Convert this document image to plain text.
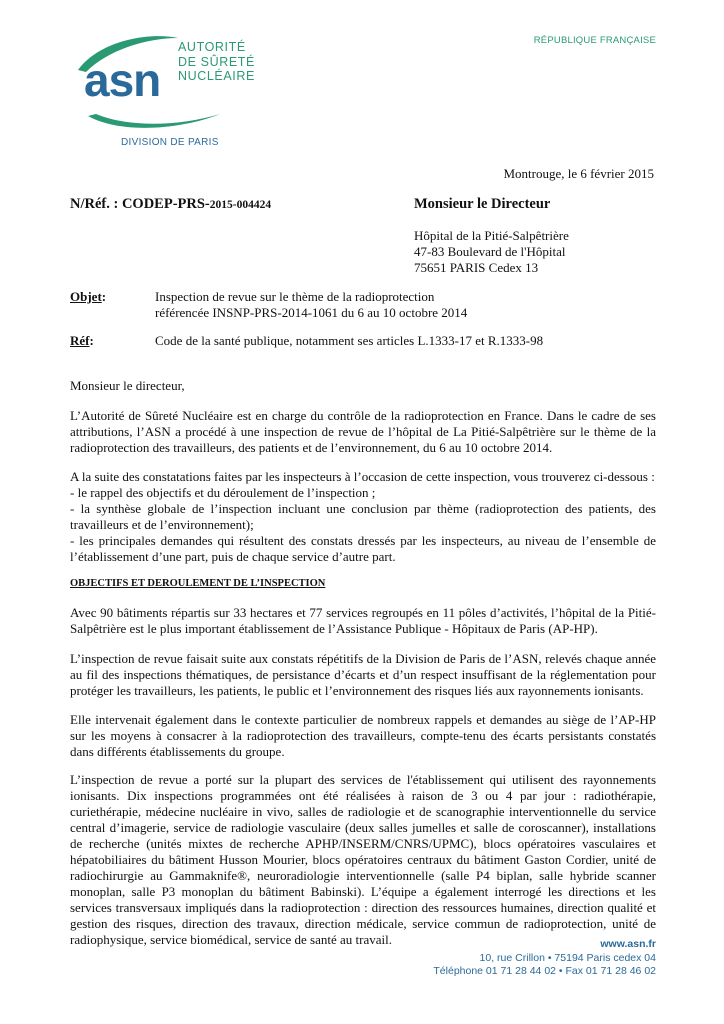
RÉPUBLIQUE FRANÇAISE
asn
AUTORITÉ
DE SÛRETÉ
NUCLÉAIRE
DIVISION DE PARIS
Montrouge, le 6 février 2015
N/Réf. : CODEP-PRS-2015-004424	Monsieur le Directeur
Hôpital de la Pitié-Salpêtrière
47-83 Boulevard de l'Hôpital
75651 PARIS Cedex 13
Objet:	Inspection de revue sur le thème de la radioprotection
référencée INSNP-PRS-2014-1061 du 6 au 10 octobre 2014
Réf:	Code de la santé publique, notamment ses articles L.1333-17 et R.1333-98
Monsieur le directeur,

L’Autorité de Sûreté Nucléaire est en charge du contrôle de la radioprotection en France. Dans le cadre de ses attributions, l’ASN a procédé à une inspection de revue de l’hôpital de La Pitié-Salpêtrière sur le thème de la radioprotection des travailleurs, des patients et de l’environnement, du 6 au 10 octobre 2014.

A la suite des constatations faites par les inspecteurs à l’occasion de cette inspection, vous trouverez ci-dessous :

- le rappel des objectifs et du déroulement de l’inspection ;

- la synthèse globale de l’inspection incluant une conclusion par thème (radioprotection des patients, des travailleurs et de l’environnement);

- les principales demandes qui résultent des constats dressés par les inspecteurs, au niveau de l’ensemble de l’établissement d’une part, puis de chaque service d’autre part.

OBJECTIFS ET DEROULEMENT DE L’INSPECTION

Avec 90 bâtiments répartis sur 33 hectares et 77 services regroupés en 11 pôles d’activités, l’hôpital de la Pitié-Salpêtrière est le plus important établissement de l’Assistance Publique - Hôpitaux de Paris (AP-HP).

L’inspection de revue faisait suite aux constats répétitifs de la Division de Paris de l’ASN, relevés chaque année au fil des inspections thématiques, de persistance d’écarts et d’un respect insuffisant de la réglementation pour protéger les travailleurs, les patients, le public et l’environnement des risques liés aux rayonnements ionisants.

Elle intervenait également dans le contexte particulier de nombreux rappels et demandes au siège de l’AP-HP sur les moyens à consacrer à la radioprotection des travailleurs, compte-tenu des écarts persistants constatés dans différents établissements du groupe.

L’inspection de revue a porté sur la plupart des services de l'établissement qui utilisent des rayonnements ionisants. Dix inspections programmées ont été réalisées à raison de 3 ou 4 par jour : radiothérapie, curiethérapie, médecine nucléaire in vivo, salles de radiologie et de scanographie interventionnelle du service central d’imagerie, service de radiologie vasculaire (deux salles jumelles et salle de coroscanner), installations de recherche (unités mixtes de recherche APHP/INSERM/CNRS/UPMC), blocs opératoires vasculaires et hépatobiliaires du bâtiment Husson Mourier, blocs opératoires centraux du bâtiment Gaston Cordier, unité de radiochirurgie au Gammaknife®, neuroradiologie interventionnelle (salle P4 biplan, salle hybride scanner monoplan, salle P3 monoplan du bâtiment Babinski). L’équipe a également interrogé les directions et les services transversaux impliqués dans la radioprotection : direction des ressources humaines, direction qualité et gestion des risques, direction des travaux, direction médicale, service commun de radioprotection, unité de radiophysique, service biomédical, service de santé au travail.	www.asn.fr
10, rue Crillon • 75194 Paris cedex 04
Téléphone 01 71 28 44 02 • Fax 01 71 28 46 02
